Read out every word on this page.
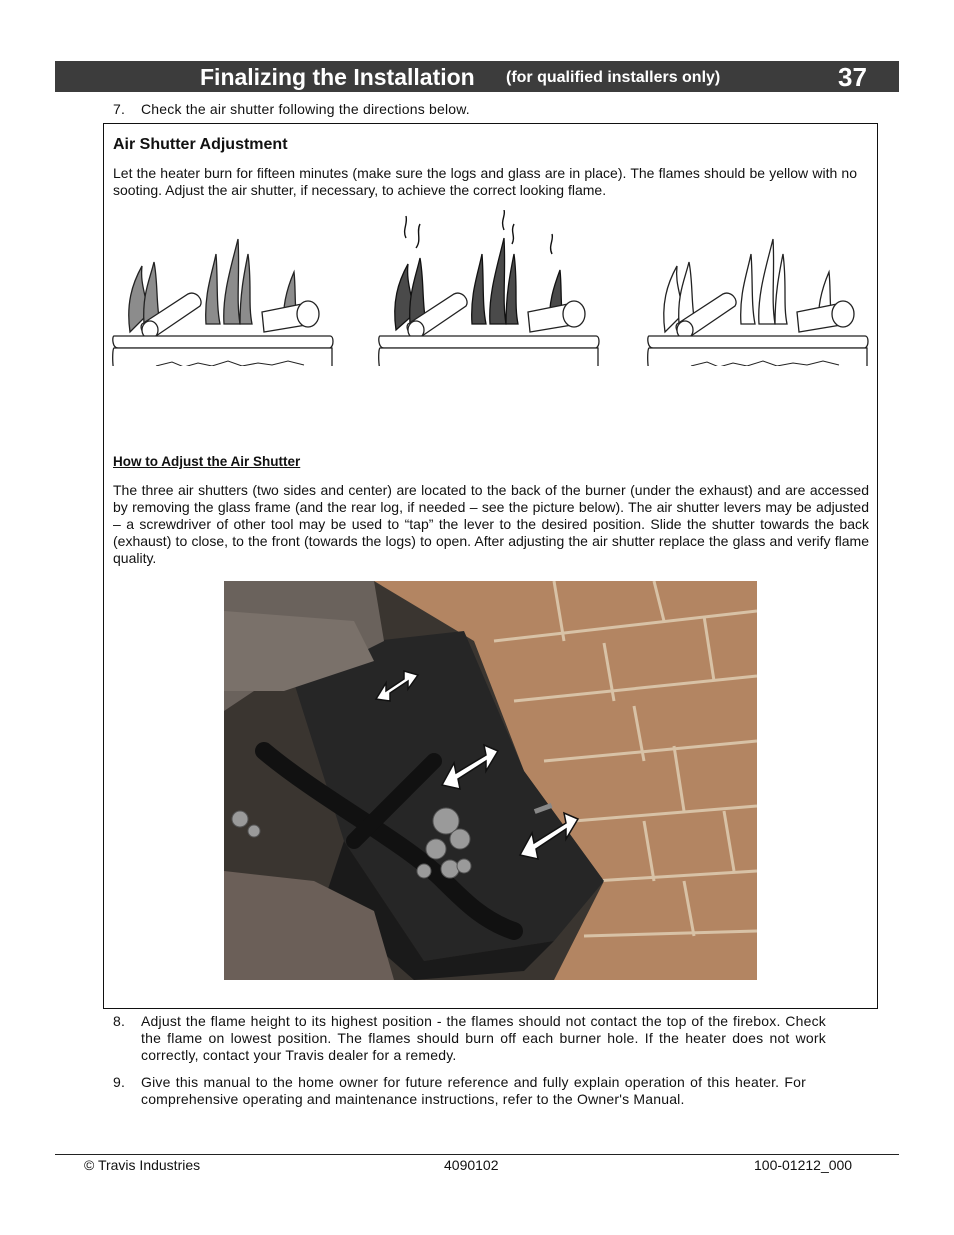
Finalizing the Installation (for qualified installers only)	37
7. Check the air shutter following the directions below.
Air Shutter Adjustment
Let the heater burn for fifteen minutes (make sure the logs and glass are in place). The flames should be yellow with no sooting. Adjust the air shutter, if necessary, to achieve the correct looking flame.
How to Adjust the Air Shutter
The three air shutters (two sides and center) are located to the back of the burner (under the exhaust) and are accessed by removing the glass frame (and the rear log, if needed – see the picture below). The air shutter levers may be adjusted – a screwdriver of other tool may be used to “tap” the lever to the desired position. Slide the shutter towards the back (exhaust) to close, to the front (towards the logs) to open. After adjusting the air shutter replace the glass and verify flame quality.
8. Adjust the flame height to its highest position - the flames should not contact the top of the firebox. Check the flame on lowest position. The flames should burn off each burner hole. If the heater does not work correctly, contact your Travis dealer for a remedy.
9. Give this manual to the home owner for future reference and fully explain operation of this heater. For comprehensive operating and maintenance instructions, refer to the Owner's Manual.
© Travis Industries	4090102	100-01212_000
